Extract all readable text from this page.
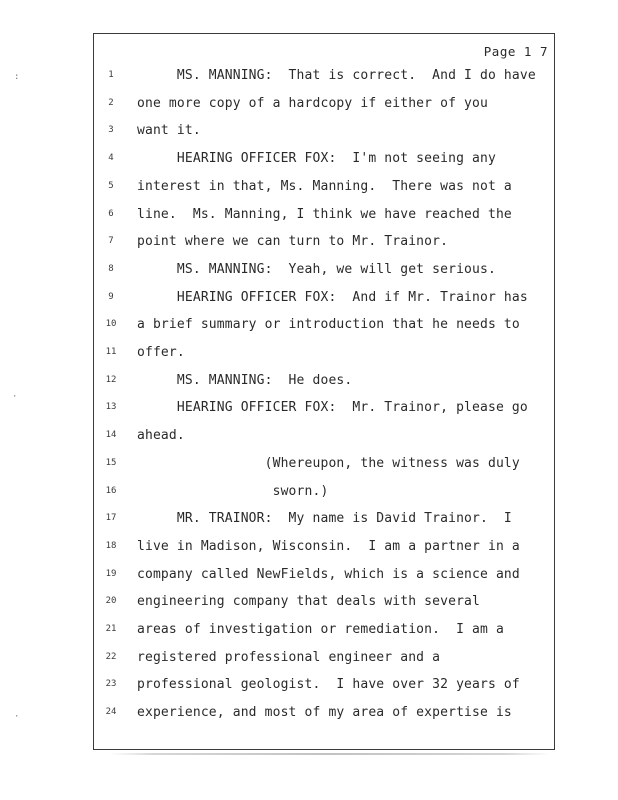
:
·
·
Page 1 7
1	MS. MANNING:  That is correct.  And I do have
2	one more copy of a hardcopy if either of you
3	want it.
4	HEARING OFFICER FOX:  I'm not seeing any
5	interest in that, Ms. Manning.  There was not a
6	line.  Ms. Manning, I think we have reached the
7	point where we can turn to Mr. Trainor.
8	MS. MANNING:  Yeah, we will get serious.
9	HEARING OFFICER FOX:  And if Mr. Trainor has
10	a brief summary or introduction that he needs to
11	offer.
12	MS. MANNING:  He does.
13	HEARING OFFICER FOX:  Mr. Trainor, please go
14	ahead.
15	(Whereupon, the witness was duly
16	sworn.)
17	MR. TRAINOR:  My name is David Trainor.  I
18	live in Madison, Wisconsin.  I am a partner in a
19	company called NewFields, which is a science and
20	engineering company that deals with several
21	areas of investigation or remediation.  I am a
22	registered professional engineer and a
23	professional geologist.  I have over 32 years of
24	experience, and most of my area of expertise is
